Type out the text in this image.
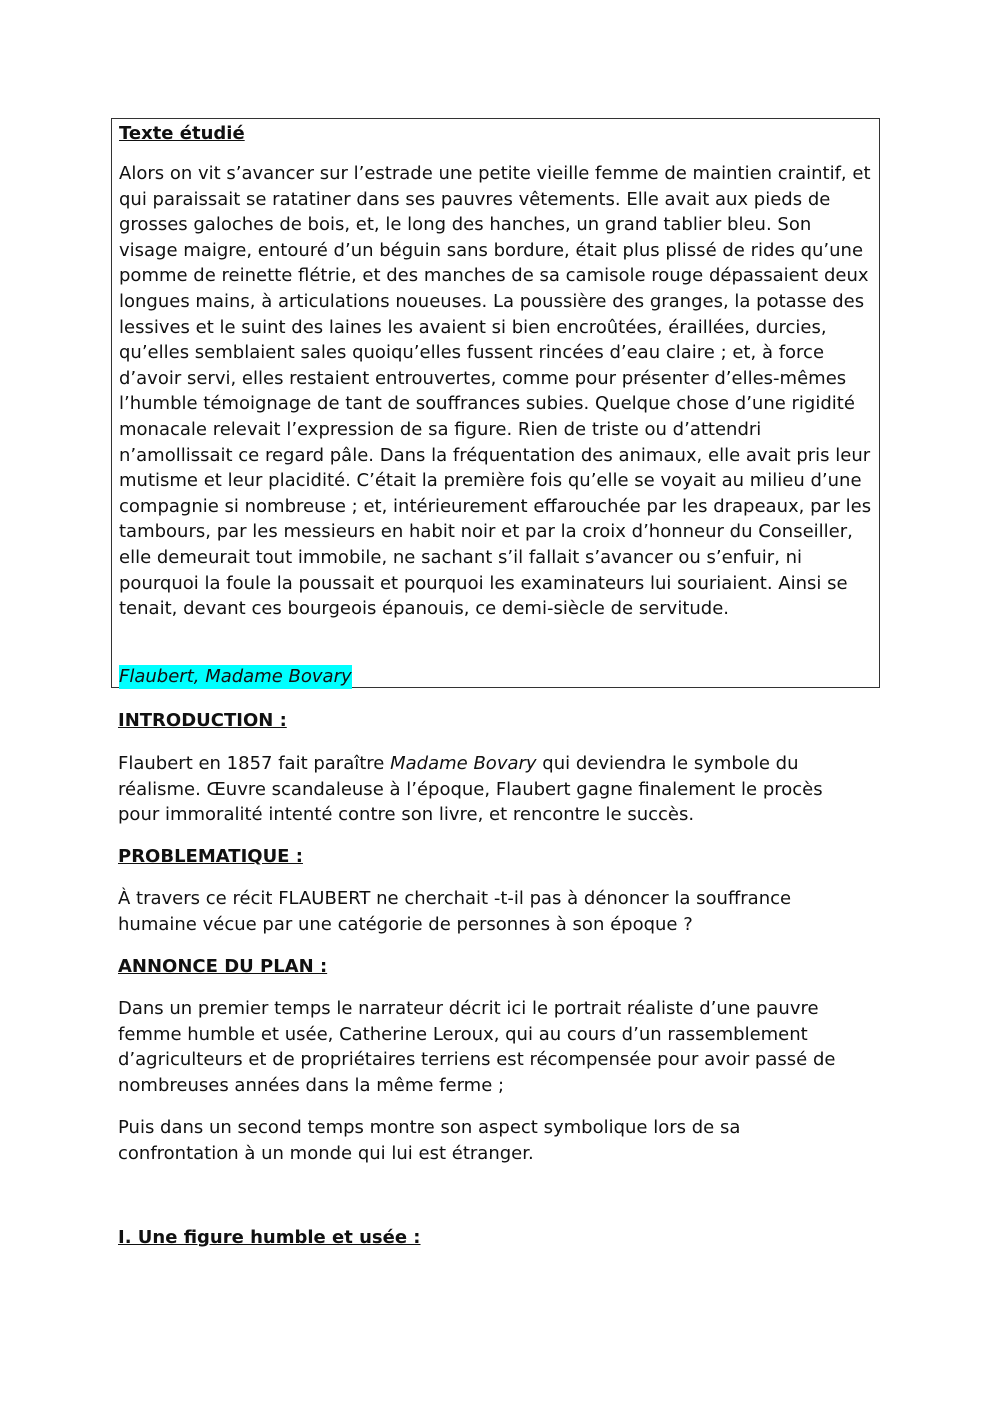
Texte étudié

Alors on vit s’avancer sur l’estrade une petite vieille femme de maintien craintif, et qui paraissait se ratatiner dans ses pauvres vêtements. Elle avait aux pieds de grosses galoches de bois, et, le long des hanches, un grand tablier bleu. Son visage maigre, entouré d’un béguin sans bordure, était plus plissé de rides qu’une pomme de reinette flétrie, et des manches de sa camisole rouge dépassaient deux longues mains, à articulations noueuses. La poussière des granges, la potasse des lessives et le suint des laines les avaient si bien encroûtées, éraillées, durcies, qu’elles semblaient sales quoiqu’elles fussent rincées d’eau claire ; et, à force d’avoir servi, elles restaient entrouvertes, comme pour présenter d’elles-mêmes l’humble témoignage de tant de souffrances subies. Quelque chose d’une rigidité monacale relevait l’expression de sa figure. Rien de triste ou d’attendri n’amollissait ce regard pâle. Dans la fréquentation des animaux, elle avait pris leur mutisme et leur placidité. C’était la première fois qu’elle se voyait au milieu d’une compagnie si nombreuse ; et, intérieurement effarouchée par les drapeaux, par les tambours, par les messieurs en habit noir et par la croix d’honneur du Conseiller, elle demeurait tout immobile, ne sachant s’il fallait s’avancer ou s’enfuir, ni pourquoi la foule la poussait et pourquoi les examinateurs lui souriaient. Ainsi se tenait, devant ces bourgeois épanouis, ce demi-siècle de servitude.

Flaubert, Madame Bovary
INTRODUCTION :

Flaubert en 1857 fait paraître Madame Bovary qui deviendra le symbole du réalisme. Œuvre scandaleuse à l’époque, Flaubert gagne finalement le procès pour immoralité intenté contre son livre, et rencontre le succès.

PROBLEMATIQUE :

À travers ce récit FLAUBERT ne cherchait -t-il pas à dénoncer la souffrance humaine vécue par une catégorie de personnes à son époque ?

ANNONCE DU PLAN :

Dans un premier temps le narrateur décrit ici le portrait réaliste d’une pauvre femme humble et usée, Catherine Leroux, qui au cours d’un rassemblement d’agriculteurs et de propriétaires terriens est récompensée pour avoir passé de nombreuses années dans la même ferme ;

Puis dans un second temps montre son aspect symbolique lors de sa confrontation à un monde qui lui est étranger.

I. Une figure humble et usée :
